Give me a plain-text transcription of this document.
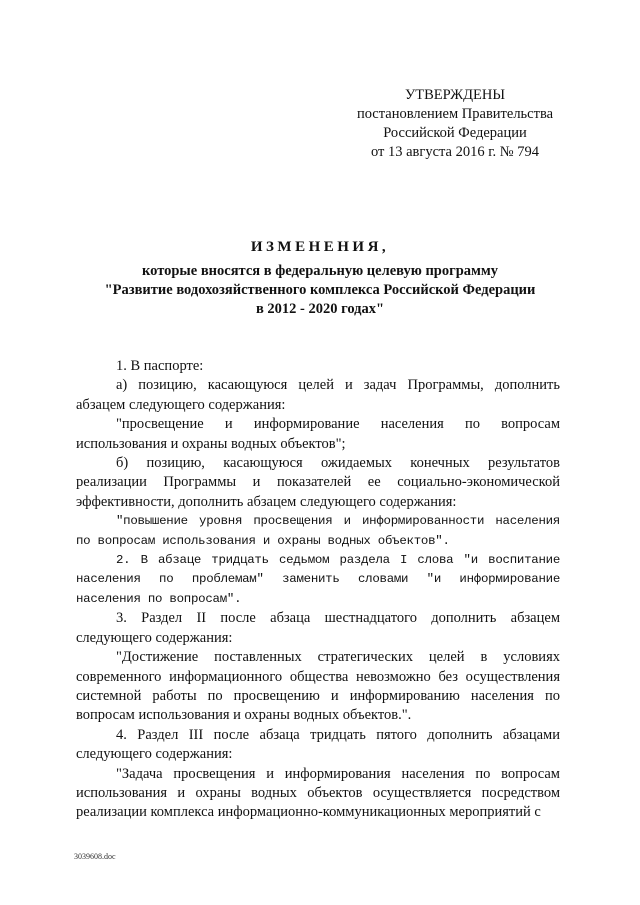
УТВЕРЖДЕНЫ
постановлением Правительства
Российской Федерации
от 13 августа 2016 г. № 794
ИЗМЕНЕНИЯ,
которые вносятся в федеральную целевую программу
"Развитие водохозяйственного комплекса Российской Федерации
в 2012 - 2020 годах"

1. В паспорте:

а) позицию, касающуюся целей и задач Программы, дополнить абзацем следующего содержания:

"просвещение и информирование населения по вопросам использования и охраны водных объектов";

б) позицию, касающуюся ожидаемых конечных результатов реализации Программы и показателей ее социально-экономической эффективности, дополнить абзацем следующего содержания:

"повышение уровня просвещения и информированности населения по вопросам использования и охраны водных объектов".

2. В абзаце тридцать седьмом раздела I слова "и воспитание населения по проблемам" заменить словами "и информирование населения по вопросам".

3. Раздел II после абзаца шестнадцатого дополнить абзацем следующего содержания:

"Достижение поставленных стратегических целей в условиях современного информационного общества невозможно без осуществления системной работы по просвещению и информированию населения по вопросам использования и охраны водных объектов.".

4. Раздел III после абзаца тридцать пятого дополнить абзацами следующего содержания:

"Задача просвещения и информирования населения по вопросам использования и охраны водных объектов осуществляется посредством реализации комплекса информационно-коммуникационных мероприятий с

3039608.doc
